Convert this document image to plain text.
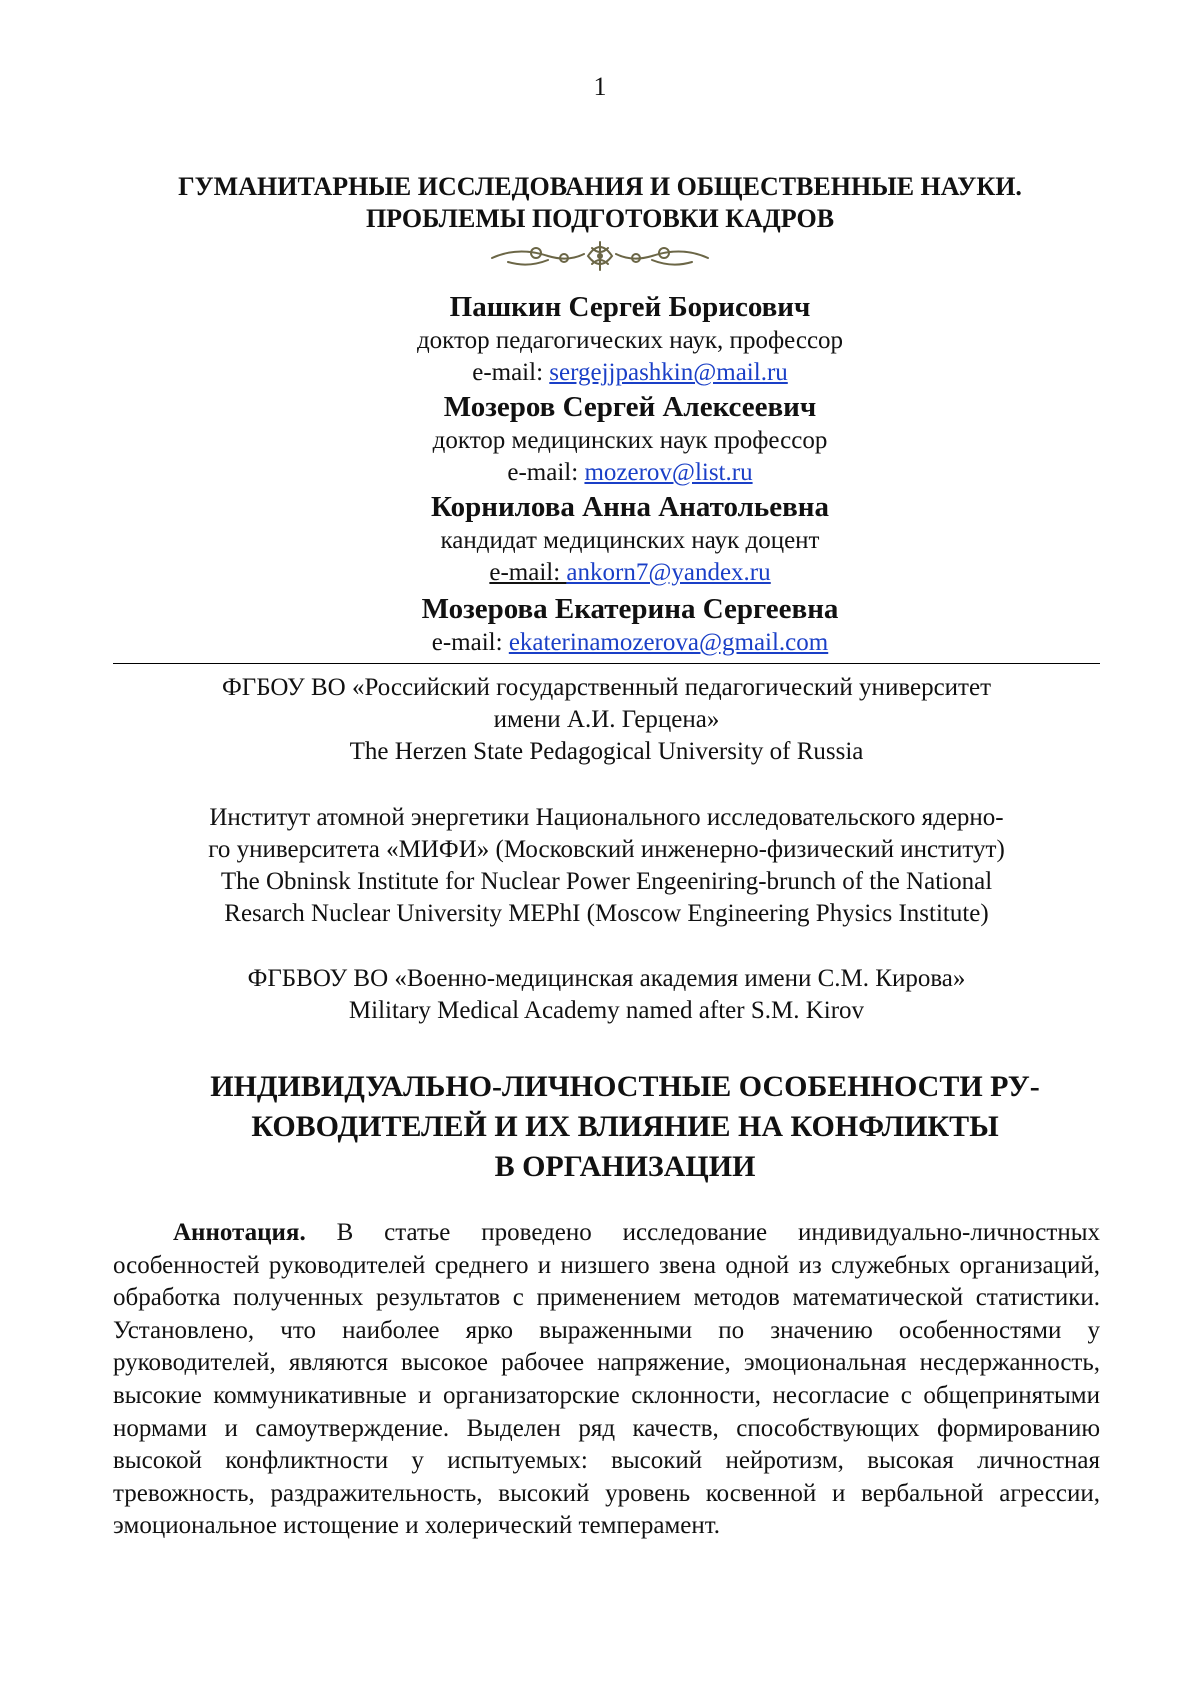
1
ГУМАНИТАРНЫЕ ИССЛЕДОВАНИЯ И ОБЩЕСТВЕННЫЕ НАУКИ.
ПРОБЛЕМЫ ПОДГОТОВКИ КАДРОВ
Пашкин Сергей Борисович
доктор педагогических наук, профессор
e-mail: sergejjpashkin@mail.ru
Мозеров Сергей Алексеевич
доктор медицинских наук профессор
e-mail: mozerov@list.ru
Корнилова Анна Анатольевна
кандидат медицинских наук доцент
e-mail: ankorn7@yandex.ru
Мозерова Екатерина Сергеевна
e-mail: ekaterinamozerova@gmail.com
ФГБОУ ВО «Российский государственный педагогический университет
имени А.И. Герцена»
The Herzen State Pedagogical University of Russia
Институт атомной энергетики Национального исследовательского ядерно-
го университета «МИФИ» (Московский инженерно-физический институт)
The Obninsk Institute for Nuclear Power Engeeniring-brunch of the National
Resarch Nuclear University MEPhI (Moscow Engineering Physics Institute)
ФГБВОУ ВО «Военно-медицинская академия имени С.М. Кирова»
Military Medical Academy named after S.M. Kirov
ИНДИВИДУАЛЬНО-ЛИЧНОСТНЫЕ ОСОБЕННОСТИ РУ-
КОВОДИТЕЛЕЙ И ИХ ВЛИЯНИЕ НА КОНФЛИКТЫ
В ОРГАНИЗАЦИИ
Аннотация. В статье проведено исследование индивидуально-личностных особенностей руководителей среднего и низшего звена одной из служебных организаций, обработка полученных результатов с применением методов математической статистики. Установлено, что наиболее ярко выраженными по значению особенностями у руководителей, являются высокое рабочее напряжение, эмоциональная несдержанность, высокие коммуникативные и организаторские склонности, несогласие с общепринятыми нормами и самоутверждение. Выделен ряд качеств, способствующих формированию высокой конфликтности у испытуемых: высокий нейротизм, высокая личностная тревожность, раздражительность, высокий уровень косвенной и вербальной агрессии, эмоциональное истощение и холерический темперамент.
